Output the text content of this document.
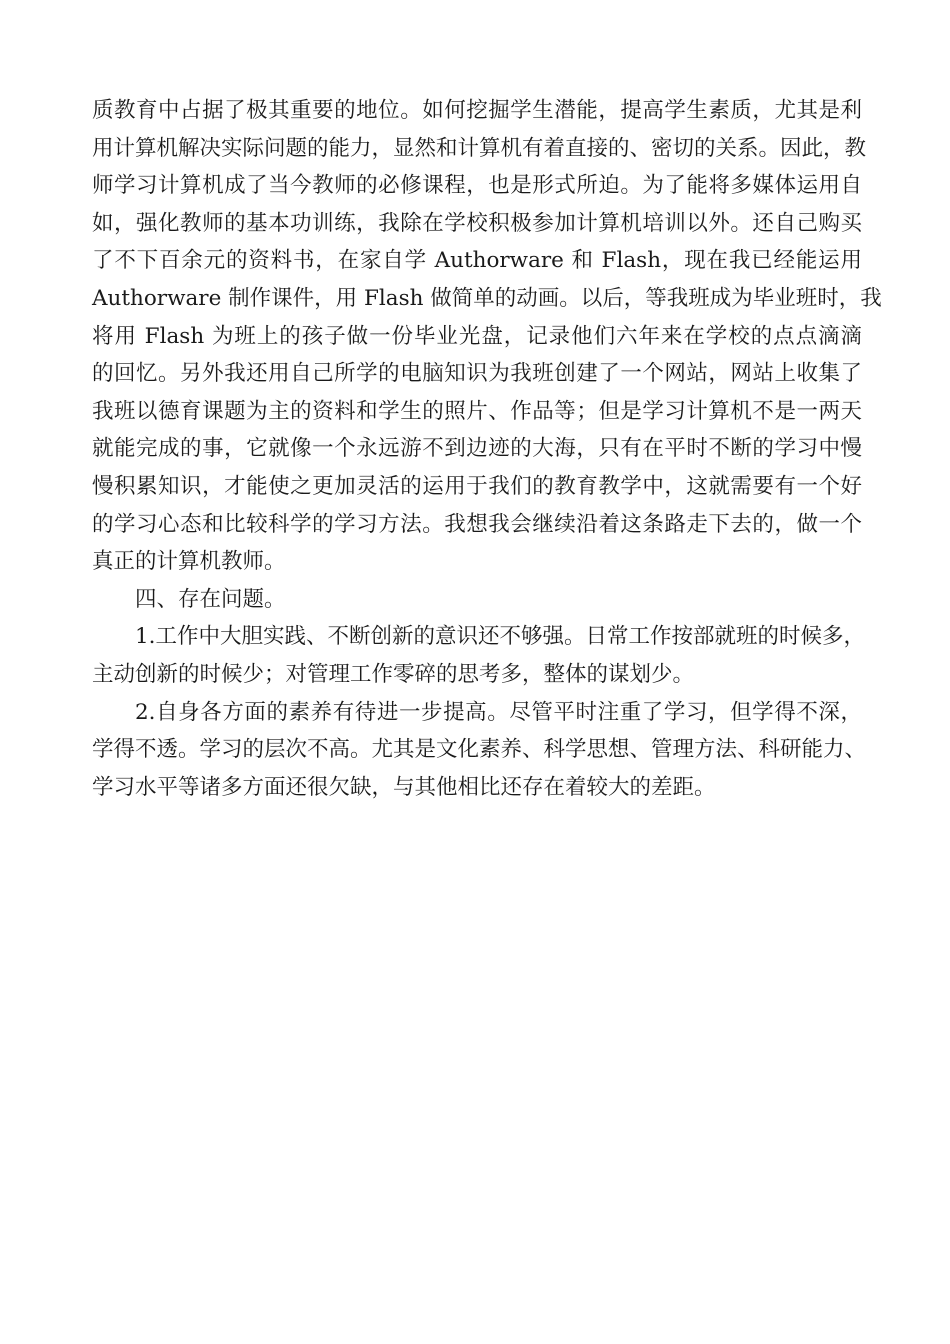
质教育中占据了极其重要的地位。如何挖掘学生潜能，提高学生素质，尤其是利
用计算机解决实际问题的能力，显然和计算机有着直接的、密切的关系。因此，教
师学习计算机成了当今教师的必修课程，也是形式所迫。为了能将多媒体运用自
如，强化教师的基本功训练，我除在学校积极参加计算机培训以外。还自己购买
了不下百余元的资料书，在家自学 Authorware 和 Flash，现在我已经能运用
Authorware 制作课件，用 Flash 做简单的动画。以后，等我班成为毕业班时，我
将用 Flash 为班上的孩子做一份毕业光盘，记录他们六年来在学校的点点滴滴
的回忆。另外我还用自己所学的电脑知识为我班创建了一个网站，网站上收集了
我班以德育课题为主的资料和学生的照片、作品等；但是学习计算机不是一两天
就能完成的事，它就像一个永远游不到边迹的大海，只有在平时不断的学习中慢
慢积累知识，才能使之更加灵活的运用于我们的教育教学中，这就需要有一个好
的学习心态和比较科学的学习方法。我想我会继续沿着这条路走下去的，做一个
真正的计算机教师。
四、存在问题。
1.工作中大胆实践、不断创新的意识还不够强。日常工作按部就班的时候多，
主动创新的时候少；对管理工作零碎的思考多，整体的谋划少。
2.自身各方面的素养有待进一步提高。尽管平时注重了学习，但学得不深，
学得不透。学习的层次不高。尤其是文化素养、科学思想、管理方法、科研能力、
学习水平等诸多方面还很欠缺，与其他相比还存在着较大的差距。
